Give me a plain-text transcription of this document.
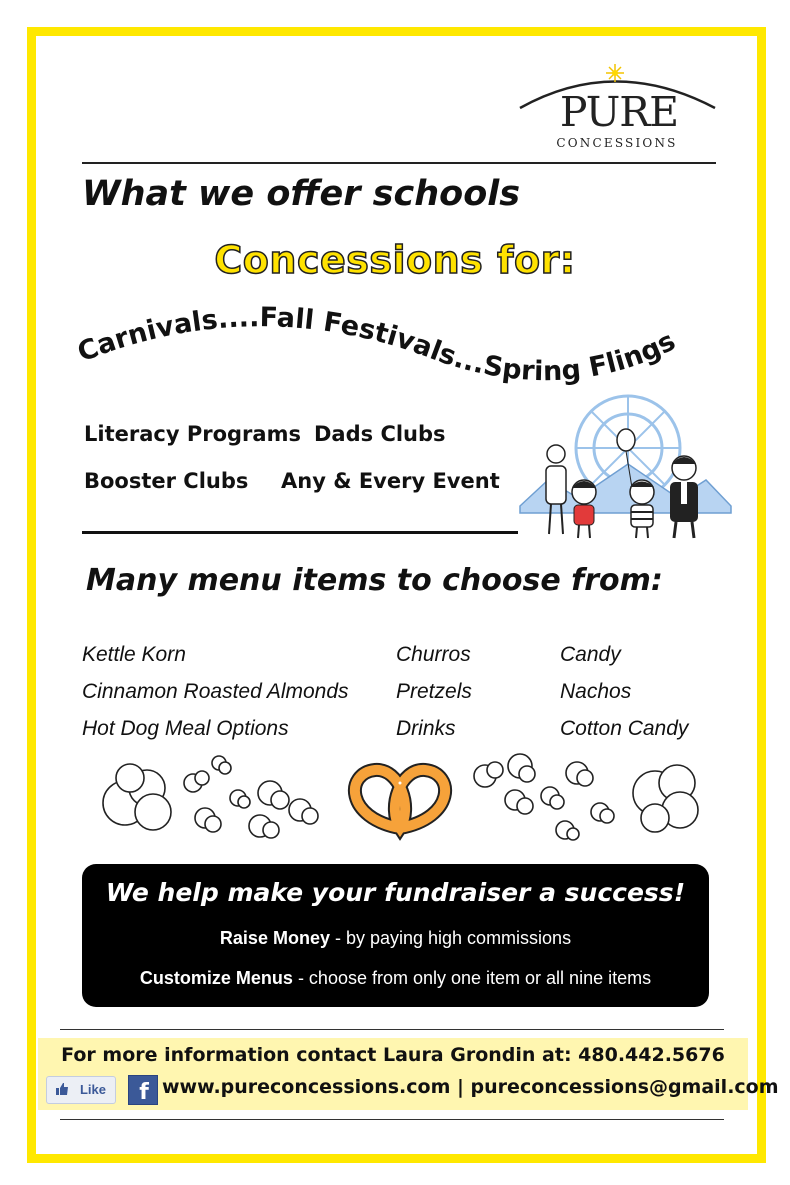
PURE
CONCESSIONS
What we offer schools
Concessions for:
Carnivals....Fall Festivals...Spring Flings
Literacy Programs Dads Clubs
Booster Clubs Any & Every Event
Many menu items to choose from:
Kettle Korn
Cinnamon Roasted Almonds
Hot Dog Meal Options
Churros
Pretzels
Drinks
Candy
Nachos
Cotton Candy
We help make your fundraiser a success!
Raise Money - by paying high commissions
Customize Menus - choose from only one item or all nine items
For more information contact Laura Grondin at: 480.442.5676
Like	f www.pureconcessions.com | pureconcessions@gmail.com
